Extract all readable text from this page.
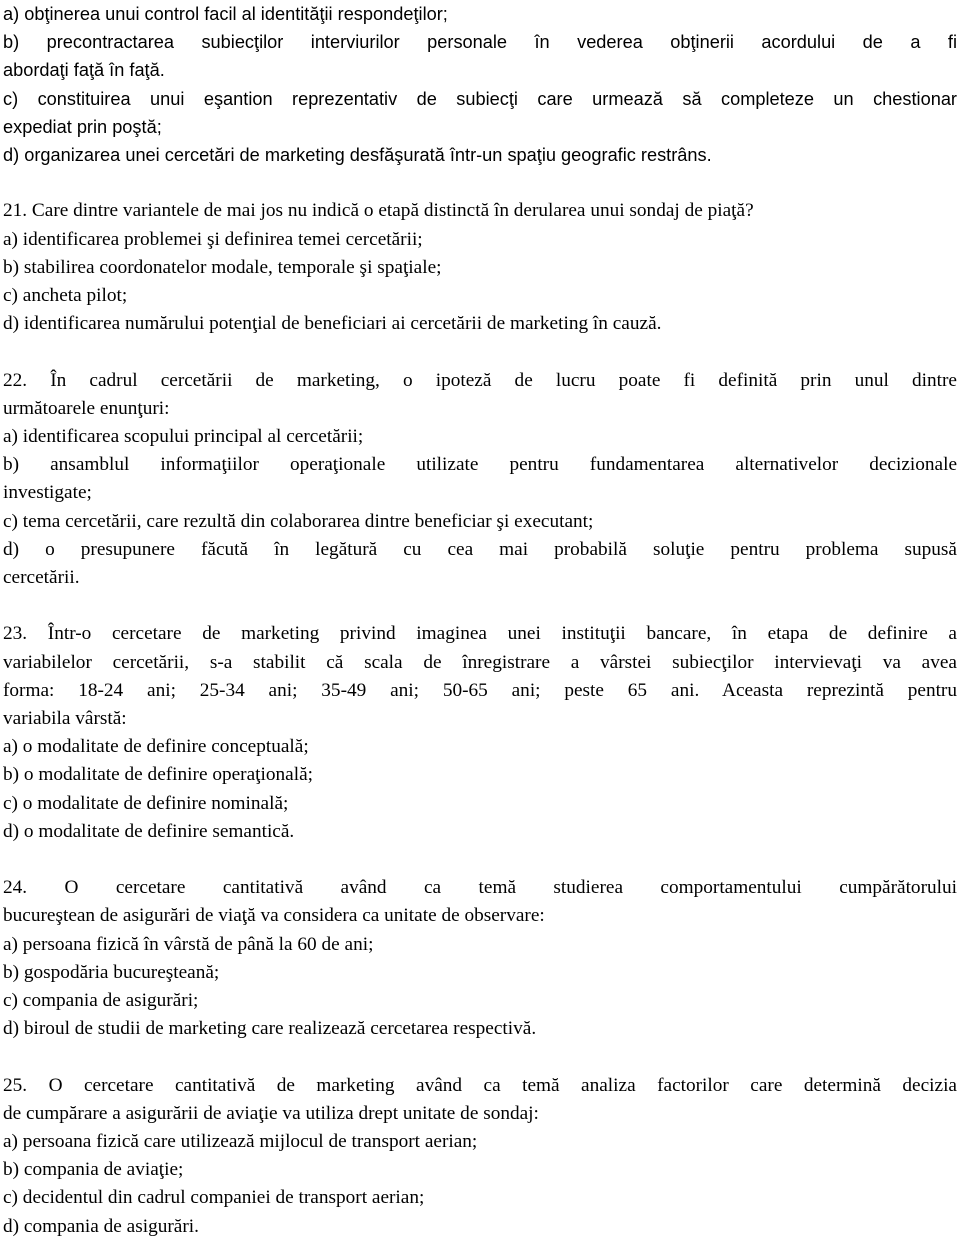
a) obţinerea unui control facil al identităţii respondeţilor;
b) precontractarea subiecţilor interviurilor personale în vederea obţinerii acordului de a fi
abordaţi faţă în faţă.
c) constituirea unui eşantion reprezentativ de subiecţi care urmează să completeze un chestionar
expediat prin poştă;
d) organizarea unei cercetări de marketing desfăşurată într-un spaţiu geografic restrâns.
21. Care dintre variantele de mai jos nu indică o etapă distinctă în derularea unui sondaj de piaţă?
a) identificarea problemei şi definirea temei cercetării;
b) stabilirea coordonatelor modale, temporale şi spaţiale;
c) ancheta pilot;
d) identificarea numărului potenţial de beneficiari ai cercetării de marketing în cauză.
22. În cadrul cercetării de marketing, o ipoteză de lucru poate fi definită prin unul dintre
următoarele enunţuri:
a) identificarea scopului principal al cercetării;
b) ansamblul informaţiilor operaţionale utilizate pentru fundamentarea alternativelor decizionale
investigate;
c) tema cercetării, care rezultă din colaborarea dintre beneficiar şi executant;
d) o presupunere făcută în legătură cu cea mai probabilă soluţie pentru problema supusă
cercetării.
23. Într-o cercetare de marketing privind imaginea unei instituţii bancare, în etapa de definire a
variabilelor cercetării, s-a stabilit că scala de înregistrare a vârstei subiecţilor intervievaţi va avea
forma: 18-24 ani; 25-34 ani; 35-49 ani; 50-65 ani; peste 65 ani. Aceasta reprezintă pentru
variabila vârstă:
a) o modalitate de definire conceptuală;
b) o modalitate de definire operaţională;
c) o modalitate de definire nominală;
d) o modalitate de definire semantică.
24. O cercetare cantitativă având ca temă studierea comportamentului cumpărătorului
bucureştean de asigurări de viaţă va considera ca unitate de observare:
a) persoana fizică în vârstă de până la 60 de ani;
b) gospodăria bucureşteană;
c) compania de asigurări;
d) biroul de studii de marketing care realizează cercetarea respectivă.
25. O cercetare cantitativă de marketing având ca temă analiza factorilor care determină decizia
de cumpărare a asigurării de aviaţie va utiliza drept unitate de sondaj:
a) persoana fizică care utilizează mijlocul de transport aerian;
b) compania de aviaţie;
c) decidentul din cadrul companiei de transport aerian;
d) compania de asigurări.
